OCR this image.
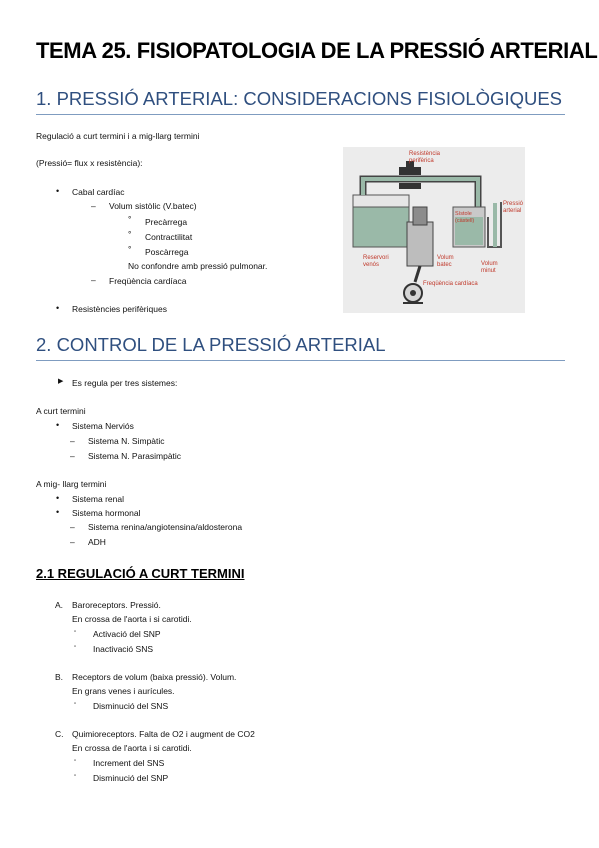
TEMA 25. FISIOPATOLOGIA DE LA PRESSIÓ ARTERIAL
1. PRESSIÓ ARTERIAL: CONSIDERACIONS FISIOLÒGIQUES
Regulació a curt termini i a mig-llarg termini
(Pressió= flux x resistència):
• Cabal cardíac
– Volum sistòlic (V.batec)
° Precàrrega
° Contractilitat
° Poscàrrega
No confondre amb pressió pulmonar.
– Freqüència cardíaca
• Resistències perifèriques
Resistència
perifèrica
Pressió
arterial
Sístole
(càstell)
Reservori
venós
Volum
batec	Volum
minut
Freqüència cardíaca
2. CONTROL DE LA PRESSIÓ ARTERIAL
▶ Es regula per tres sistemes:
A curt termini
• Sistema Nerviós
– Sistema N. Simpàtic
– Sistema N. Parasimpàtic
A mig- llarg termini
• Sistema renal
• Sistema hormonal
– Sistema renina/angiotensina/aldosterona
– ADH
2.1 REGULACIÓ A CURT TERMINI
A. Baroreceptors. Pressió.
En crossa de l'aorta i si carotidi.
▫ Activació del SNP
▫ Inactivació SNS
B. Receptors de volum (baixa pressió). Volum.
En grans venes i aurícules.
▫ Disminució del SNS
C. Quimioreceptors. Falta de O2 i augment de CO2
En crossa de l'aorta i si carotidi.
▫ Increment del SNS
▫ Disminució del SNP
